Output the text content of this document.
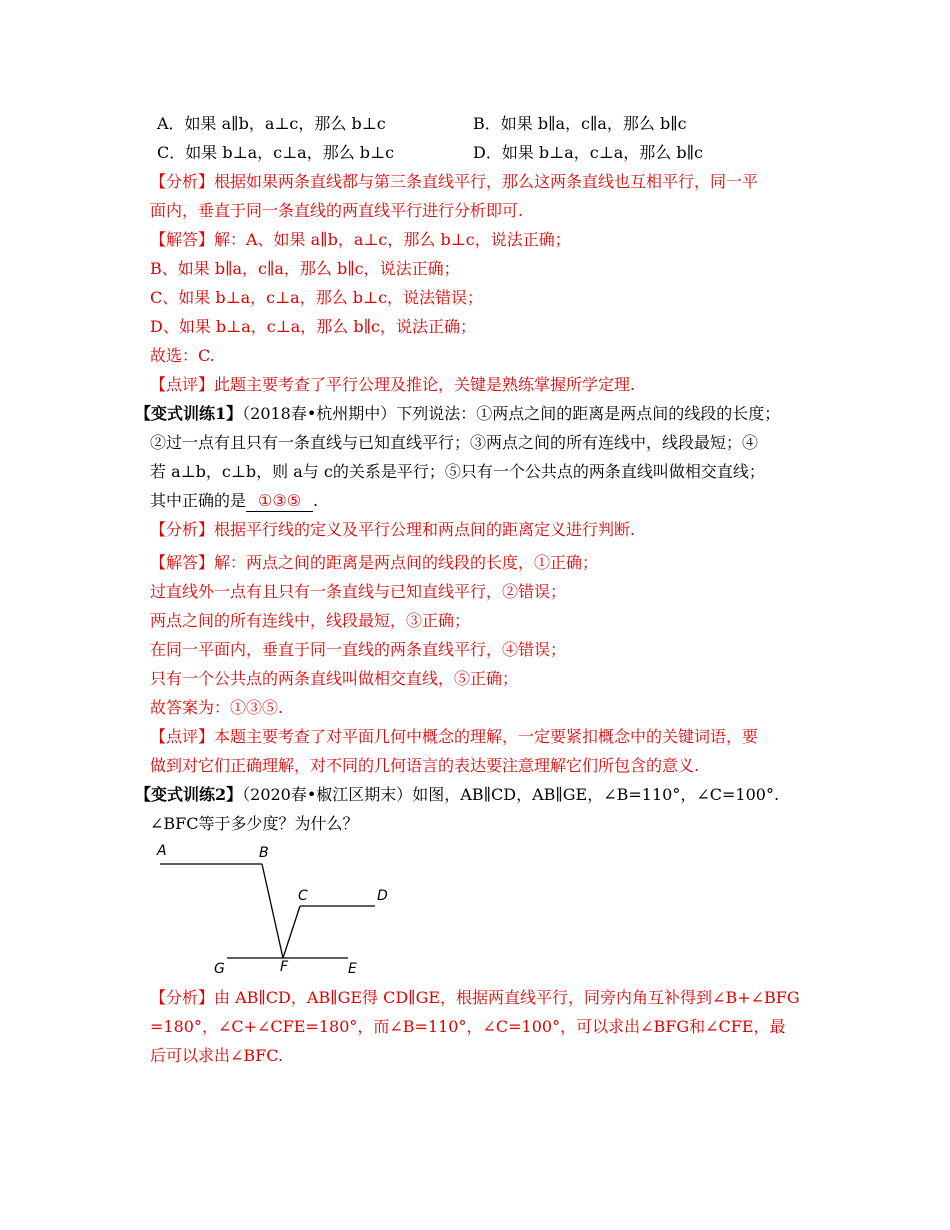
A．如果 a∥b，a⊥c，那么 b⊥c	B．如果 b∥a，c∥a，那么 b∥c
C．如果 b⊥a，c⊥a，那么 b⊥c	D．如果 b⊥a，c⊥a，那么 b∥c
【分析】根据如果两条直线都与第三条直线平行，那么这两条直线也互相平行，同一平
面内，垂直于同一条直线的两直线平行进行分析即可.
【解答】解：A、如果 a∥b，a⊥c，那么 b⊥c，说法正确；
B、如果 b∥a，c∥a，那么 b∥c，说法正确；
C、如果 b⊥a，c⊥a，那么 b⊥c，说法错误；
D、如果 b⊥a，c⊥a，那么 b∥c，说法正确；
故选：C.
【点评】此题主要考查了平行公理及推论，关键是熟练掌握所学定理.
【变式训练1】（2018春•杭州期中）下列说法：①两点之间的距离是两点间的线段的长度；
②过一点有且只有一条直线与已知直线平行；③两点之间的所有连线中，线段最短；④
若 a⊥b，c⊥b，则 a与 c的关系是平行；⑤只有一个公共点的两条直线叫做相交直线；
其中正确的是 ①③⑤ .
【分析】根据平行线的定义及平行公理和两点间的距离定义进行判断.
【解答】解：两点之间的距离是两点间的线段的长度，①正确；
过直线外一点有且只有一条直线与已知直线平行，②错误；
两点之间的所有连线中，线段最短，③正确；
在同一平面内，垂直于同一直线的两条直线平行，④错误；
只有一个公共点的两条直线叫做相交直线，⑤正确；
故答案为：①③⑤.
【点评】本题主要考查了对平面几何中概念的理解，一定要紧扣概念中的关键词语，要
做到对它们正确理解，对不同的几何语言的表达要注意理解它们所包含的意义.
【变式训练2】（2020春•椒江区期末）如图，AB∥CD，AB∥GE，∠B=110°，∠C=100°.
∠BFC等于多少度？为什么？
A	B
C	D
G	F	E
【分析】由 AB∥CD，AB∥GE得 CD∥GE，根据两直线平行，同旁内角互补得到∠B+∠BFG
=180°，∠C+∠CFE=180°，而∠B=110°，∠C=100°，可以求出∠BFG和∠CFE，最
后可以求出∠BFC.
